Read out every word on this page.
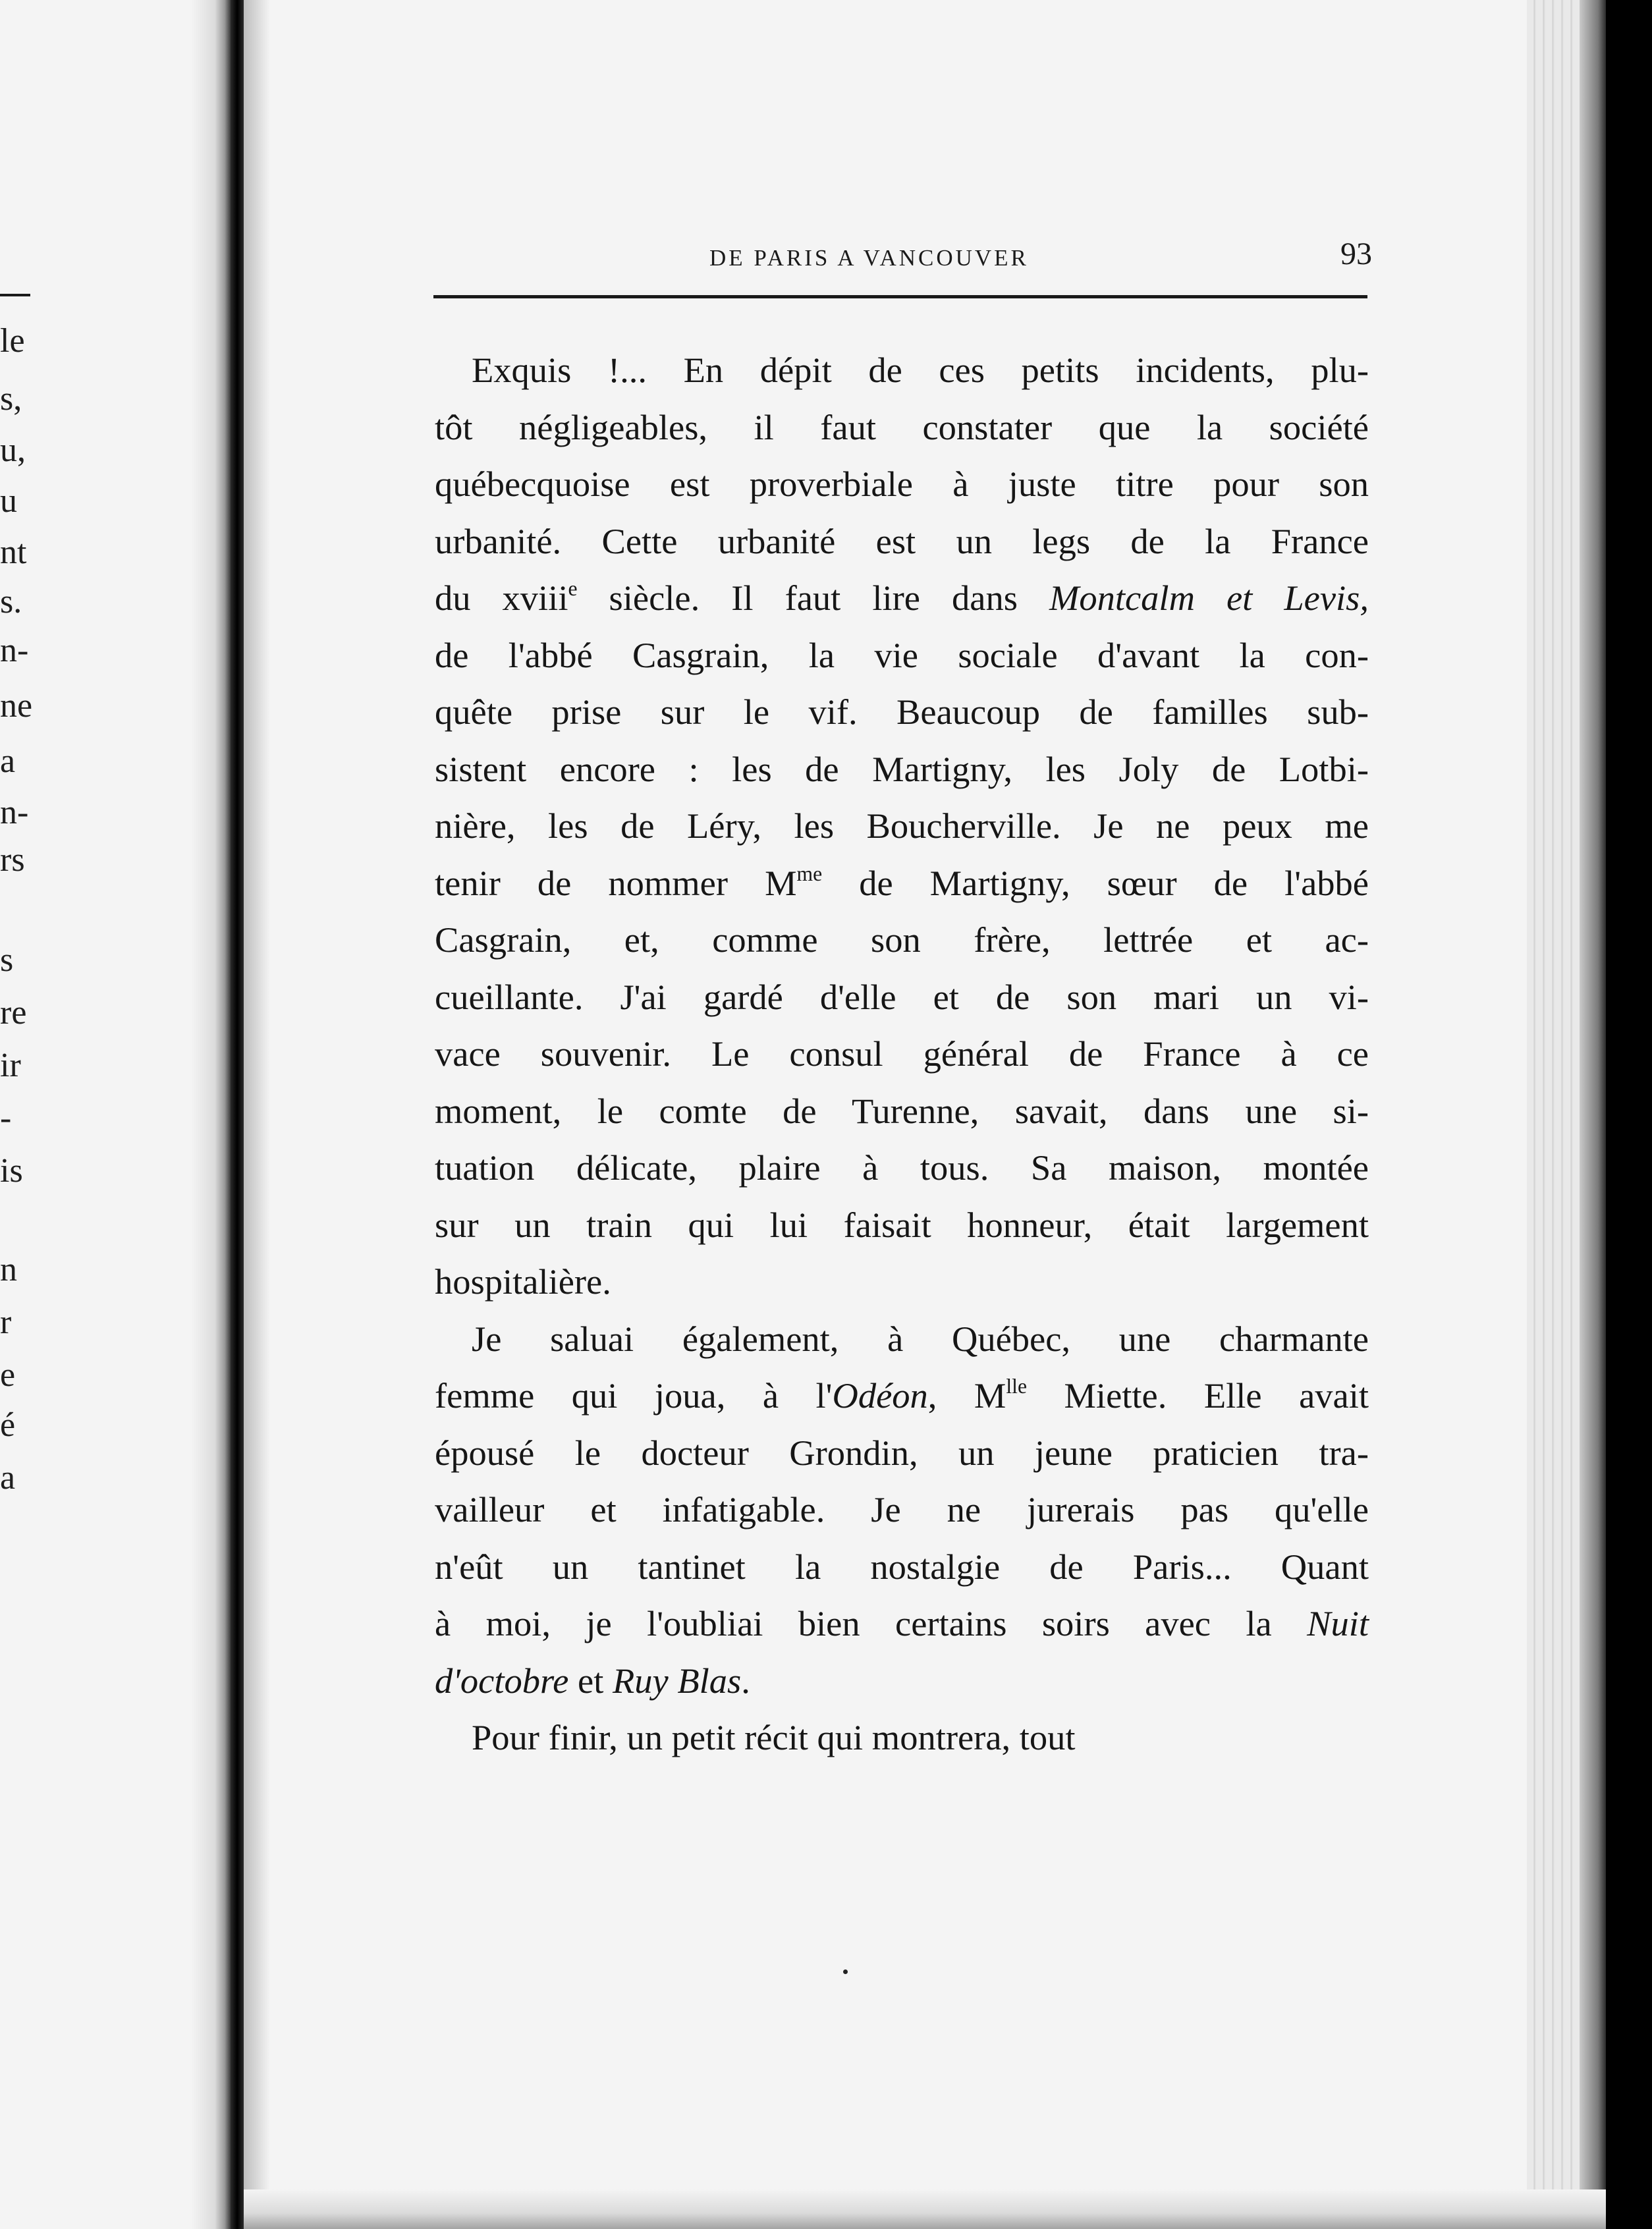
le
s,
u,
u
nt
s.
n-
ne
a
n-
rs
s
re
ir
-
is
n
r
e
é
a
DE PARIS A VANCOUVER	93
Exquis !... En dépit de ces petits incidents, plu-
tôt négligeables, il faut constater que la société
québecquoise est proverbiale à juste titre pour son
urbanité. Cette urbanité est un legs de la France
du xviii$^e$ siècle. Il faut lire dans Montcalm et Levis,
de l'abbé Casgrain, la vie sociale d'avant la con-
quête prise sur le vif. Beaucoup de familles sub-
sistent encore : les de Martigny, les Joly de Lotbi-
nière, les de Léry, les Boucherville. Je ne peux me
tenir de nommer $M^{me}$ de Martigny, sœur de l'abbé
Casgrain, et, comme son frère, lettrée et ac-
cueillante. J'ai gardé d'elle et de son mari un vi-
vace souvenir. Le consul général de France à ce
moment, le comte de Turenne, savait, dans une si-
tuation délicate, plaire à tous. Sa maison, montée
sur un train qui lui faisait honneur, était largement
hospitalière.
Je saluai également, à Québec, une charmante
femme qui joua, à l'Odéon, $M^{lle}$ Miette. Elle avait
épousé le docteur Grondin, un jeune praticien tra-
vailleur et infatigable. Je ne jurerais pas qu'elle
n'eût un tantinet la nostalgie de Paris... Quant
à moi, je l'oubliai bien certains soirs avec la Nuit
d'octobre et Ruy Blas.
Pour finir, un petit récit qui montrera, tout
